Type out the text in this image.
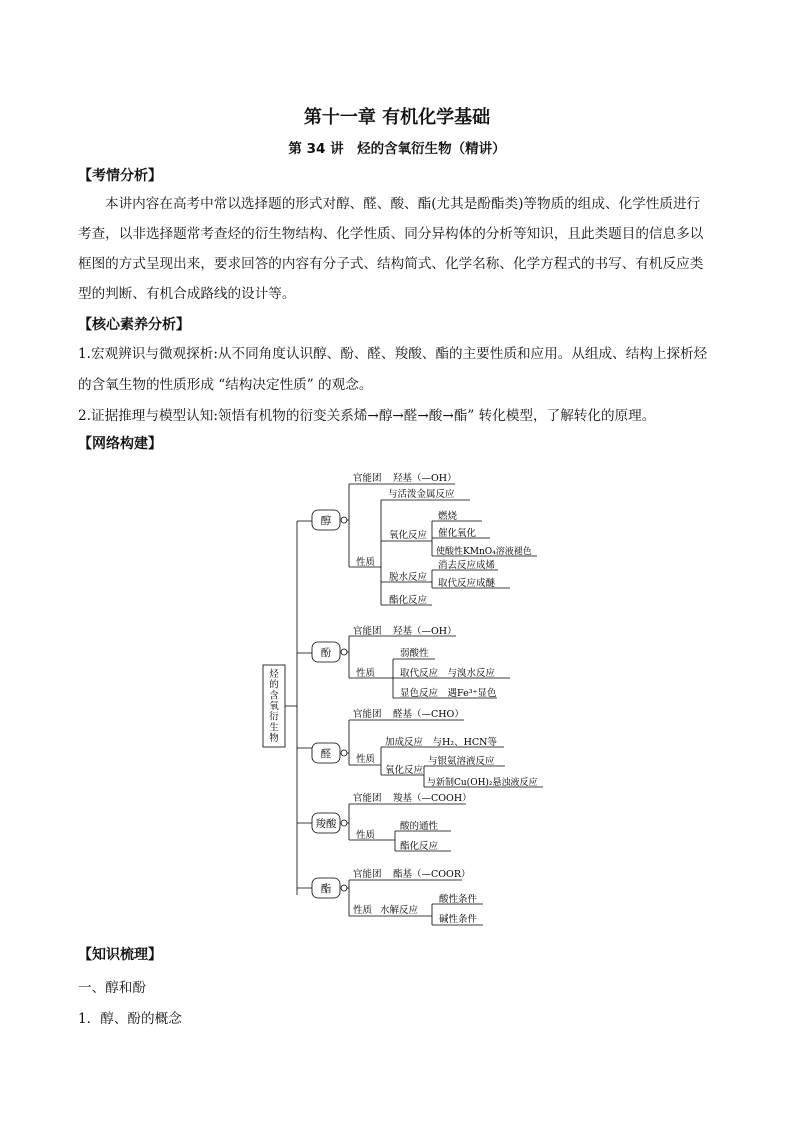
第十一章 有机化学基础
第 34 讲　烃的含氧衍生物（精讲）
【考情分析】
本讲内容在高考中常以选择题的形式对醇、醛、酸、酯(尤其是酚酯类)等物质的组成、化学性质进行
考查，以非选择题常考查烃的衍生物结构、化学性质、同分异构体的分析等知识，且此类题目的信息多以
框图的方式呈现出来，要求回答的内容有分子式、结构简式、化学名称、化学方程式的书写、有机反应类
型的判断、有机合成路线的设计等。
【核心素养分析】
1.宏观辨识与微观探析:从不同角度认识醇、酚、醛、羧酸、酯的主要性质和应用。从组成、结构上探析烃
的含氧生物的性质形成 “结构决定性质” 的观念。
2.证据推理与模型认知:领悟有机物的衍变关系烯→醇→醛→酸→酯” 转化模型，了解转化的原理。
【网络构建】
烃
的
含
氧
衍
生
物
醇
酚
醛
羧酸
酯
官能团 羟基（—OH）
与活泼金属反应
性质
氧化反应
燃烧
催化氧化
使酸性KMnO₄溶液褪色
脱水反应
消去反应成烯
取代反应成醚
酯化反应
官能团 羟基（—OH）
性质
弱酸性
取代反应　与溴水反应
显色反应　遇Fe³⁺显色
官能团 醛基（—CHO）
性质
加成反应　与H₂、HCN等
氧化反应
与银氨溶液反应
与新制Cu(OH)₂悬浊液反应
官能团 羧基（—COOH）
性质
酸的通性
酯化反应
官能团 酯基（—COOR）
性质 水解反应
酸性条件
碱性条件
【知识梳理】
一、醇和酚
1．醇、酚的概念
